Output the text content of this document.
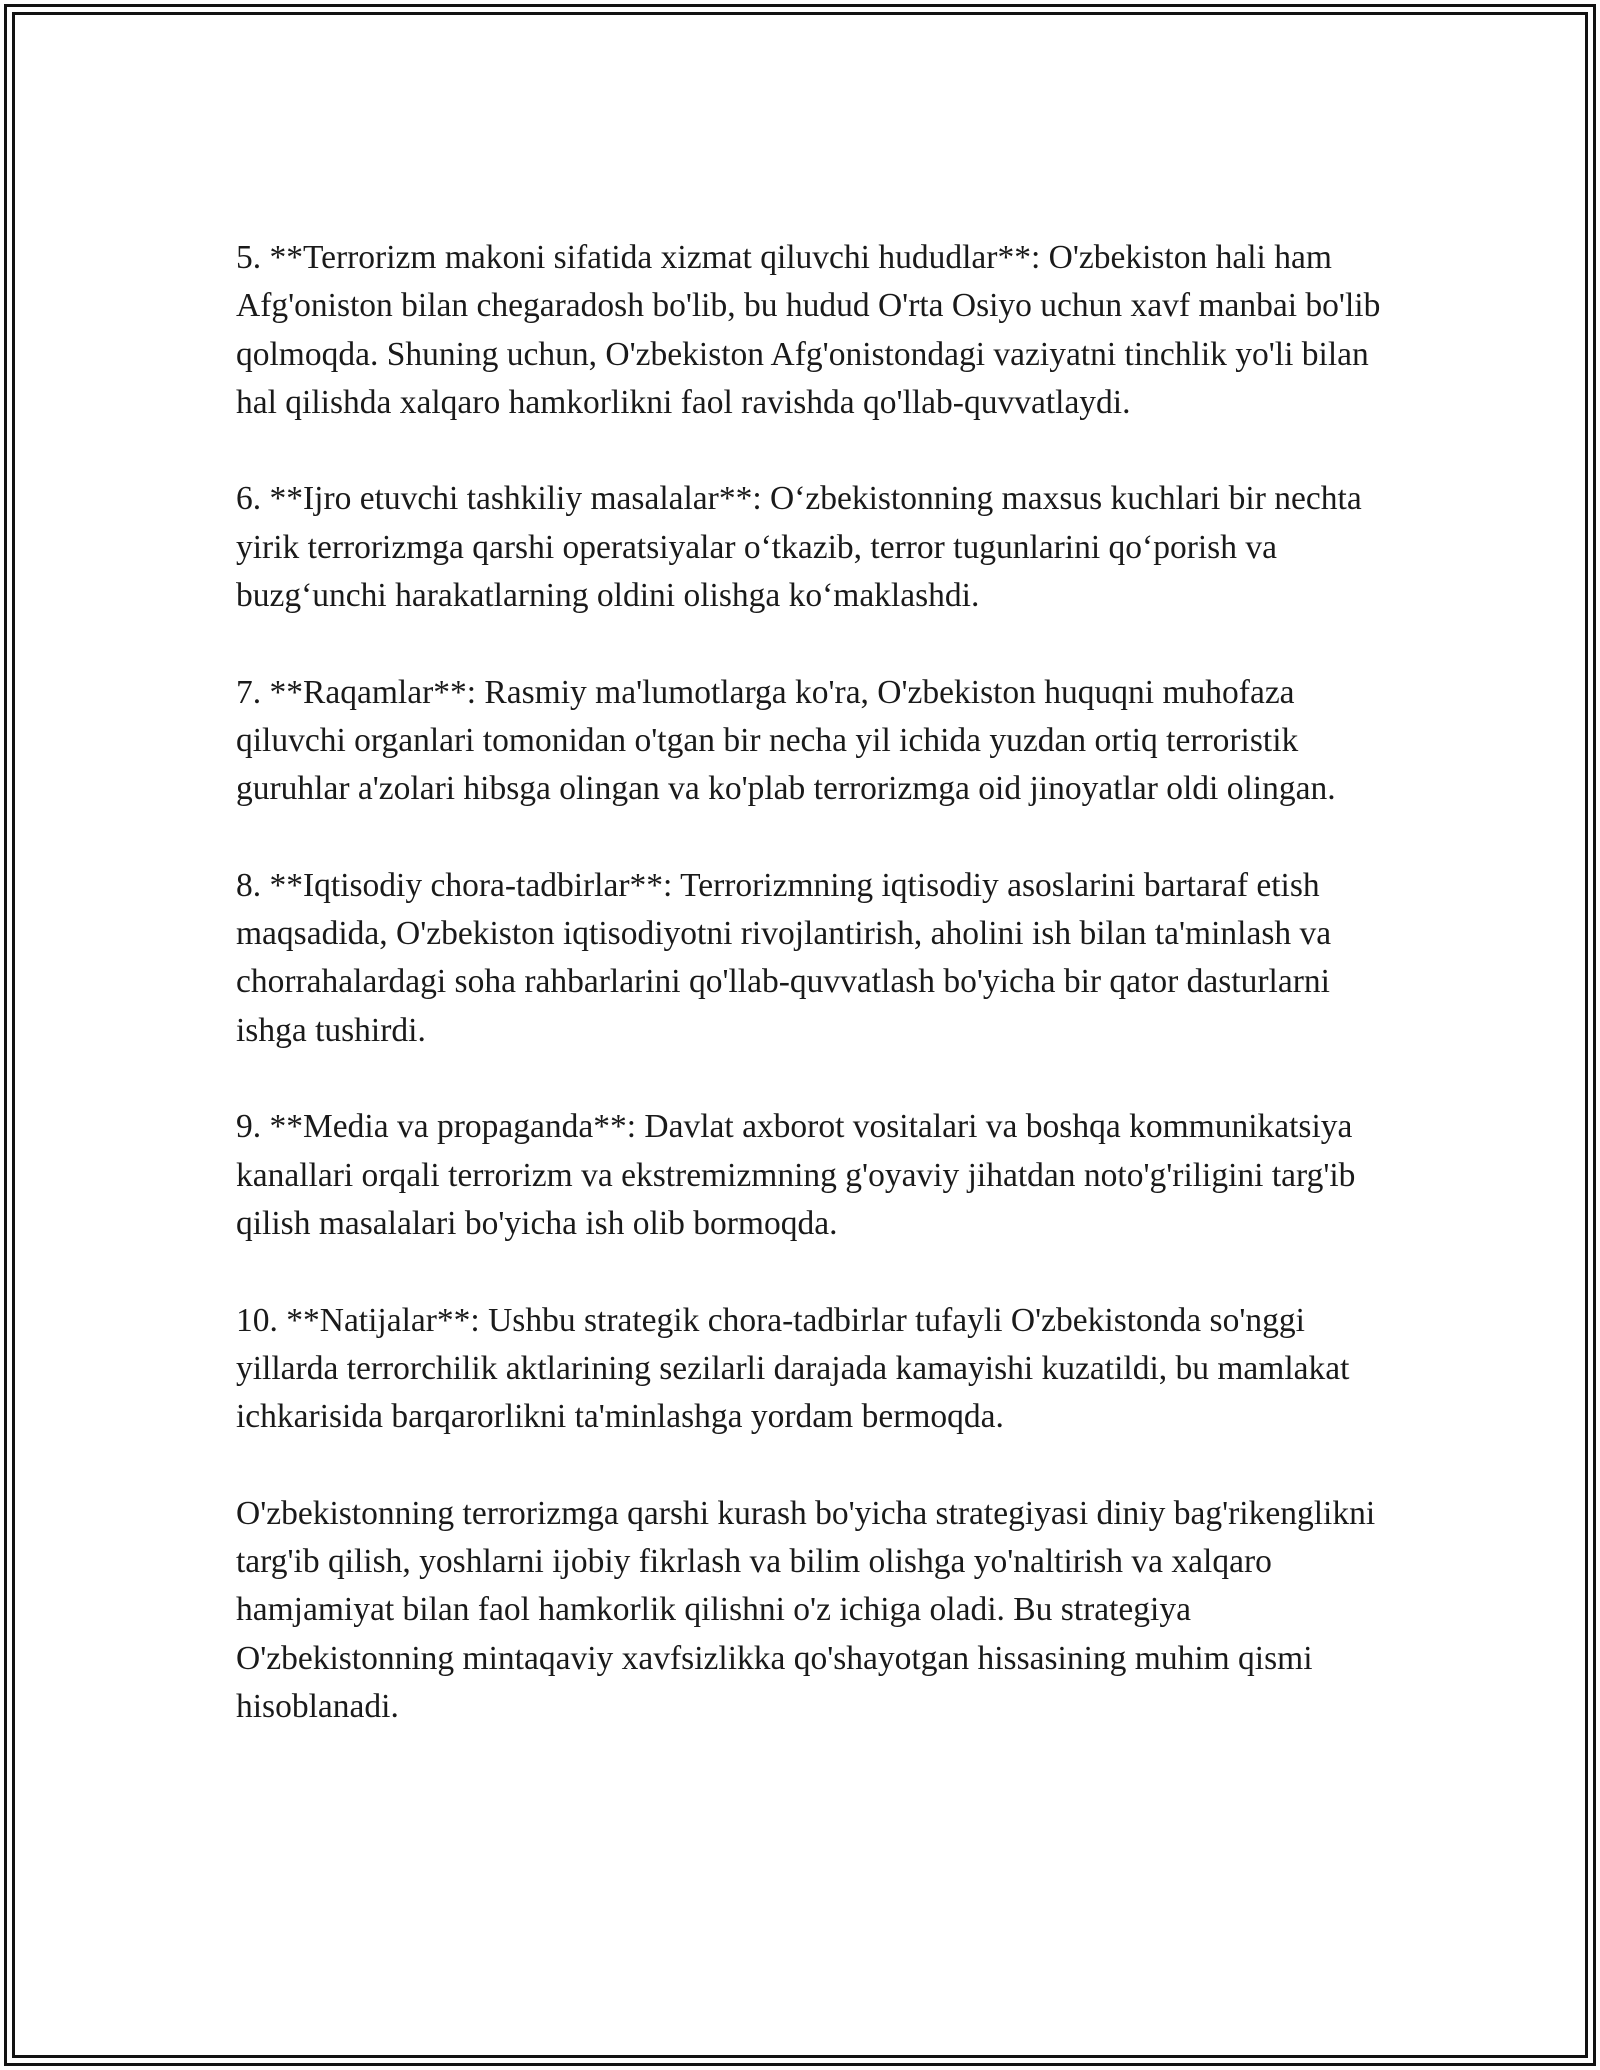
5. **Terrorizm makoni sifatida xizmat qiluvchi hududlar**: O'zbekiston hali ham Afg'oniston bilan chegaradosh bo'lib, bu hudud O'rta Osiyo uchun xavf manbai bo'lib qolmoqda. Shuning uchun, O'zbekiston Afg'onistondagi vaziyatni tinchlik yo'li bilan hal qilishda xalqaro hamkorlikni faol ravishda qo'llab-quvvatlaydi.

6. **Ijro etuvchi tashkiliy masalalar**: O‘zbekistonning maxsus kuchlari bir nechta yirik terrorizmga qarshi operatsiyalar o‘tkazib, terror tugunlarini qo‘porish va buzg‘unchi harakatlarning oldini olishga ko‘maklashdi.

7. **Raqamlar**: Rasmiy ma'lumotlarga ko'ra, O'zbekiston huquqni muhofaza qiluvchi organlari tomonidan o'tgan bir necha yil ichida yuzdan ortiq terroristik guruhlar a'zolari hibsga olingan va ko'plab terrorizmga oid jinoyatlar oldi olingan.

8. **Iqtisodiy chora-tadbirlar**: Terrorizmning iqtisodiy asoslarini bartaraf etish maqsadida, O'zbekiston iqtisodiyotni rivojlantirish, aholini ish bilan ta'minlash va chorrahalardagi soha rahbarlarini qo'llab-quvvatlash bo'yicha bir qator dasturlarni ishga tushirdi.

9. **Media va propaganda**: Davlat axborot vositalari va boshqa kommunikatsiya kanallari orqali terrorizm va ekstremizmning g'oyaviy jihatdan noto'g'riligini targ'ib qilish masalalari bo'yicha ish olib bormoqda.

10. **Natijalar**: Ushbu strategik chora-tadbirlar tufayli O'zbekistonda so'nggi yillarda terrorchilik aktlarining sezilarli darajada kamayishi kuzatildi, bu mamlakat ichkarisida barqarorlikni ta'minlashga yordam bermoqda.

O'zbekistonning terrorizmga qarshi kurash bo'yicha strategiyasi diniy bag'rikenglikni targ'ib qilish, yoshlarni ijobiy fikrlash va bilim olishga yo'naltirish va xalqaro hamjamiyat bilan faol hamkorlik qilishni o'z ichiga oladi. Bu strategiya O'zbekistonning mintaqaviy xavfsizlikka qo'shayotgan hissasining muhim qismi hisoblanadi.
